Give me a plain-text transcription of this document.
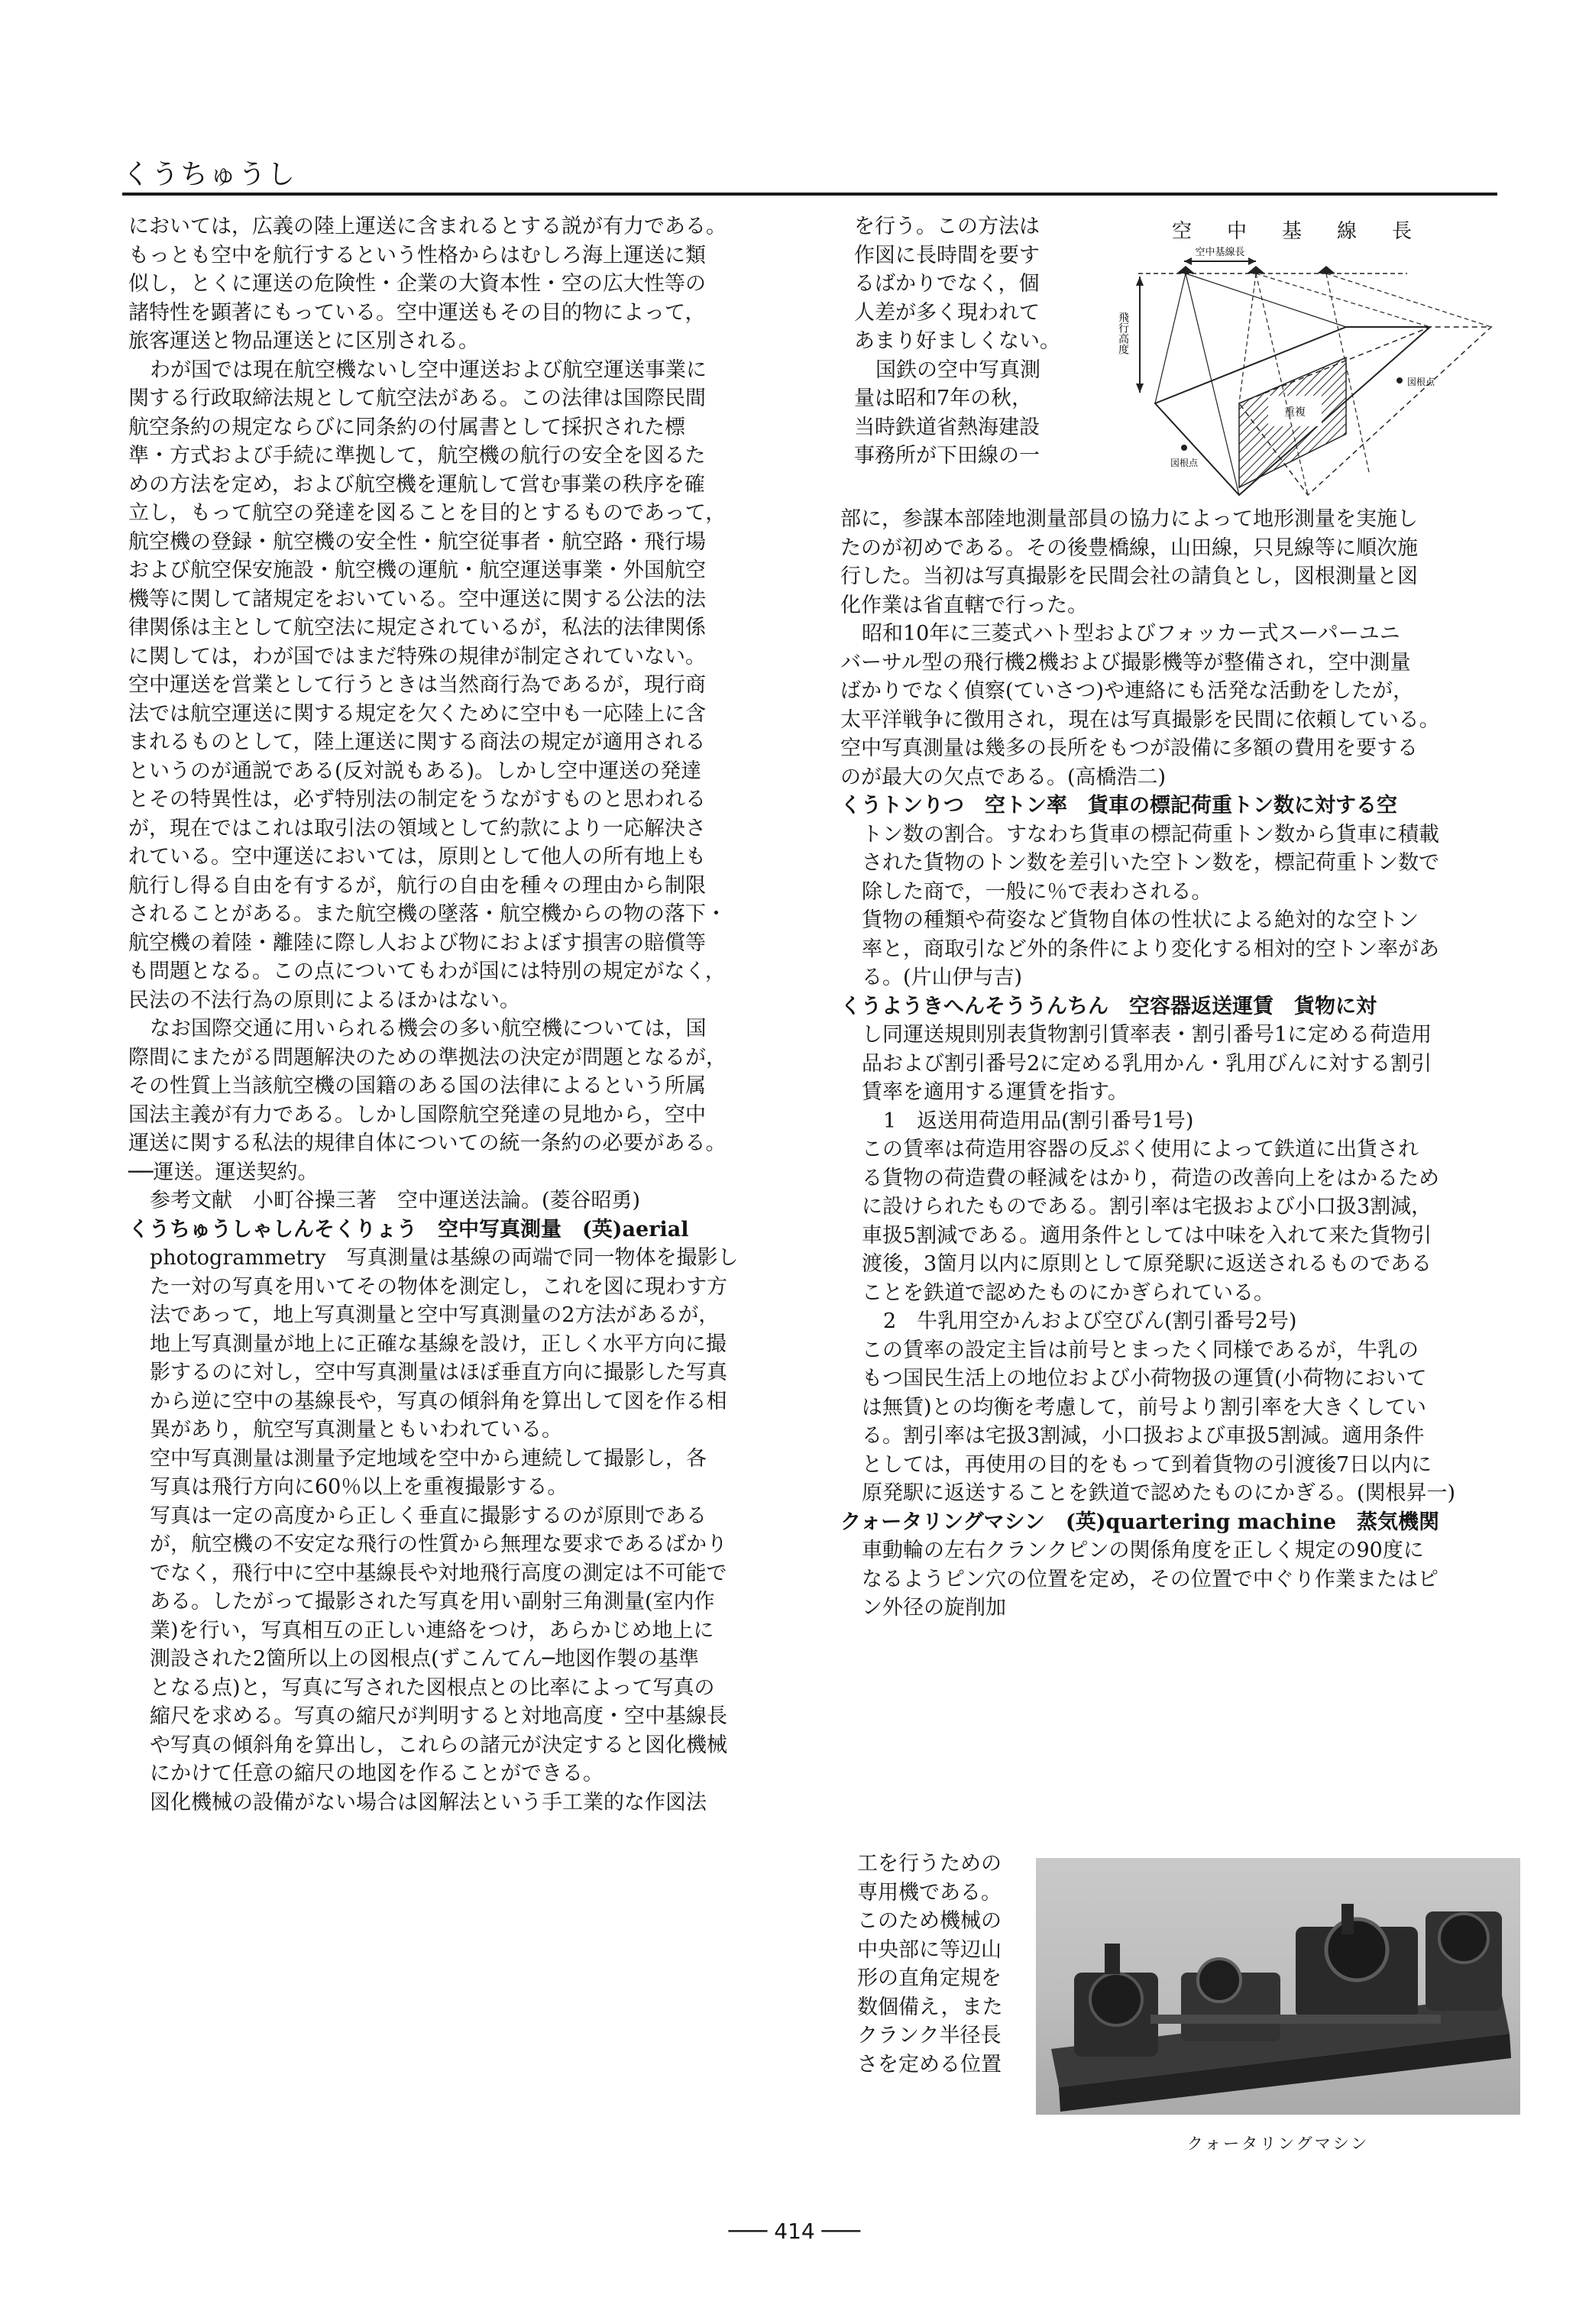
くうちゅうし

においては，広義の陸上運送に含まれるとする説が有力である。

もっとも空中を航行するという性格からはむしろ海上運送に類

似し，とくに運送の危険性・企業の大資本性・空の広大性等の

諸特性を顕著にもっている。空中運送もその目的物によって，

旅客運送と物品運送とに区別される。

わが国では現在航空機ないし空中運送および航空運送事業に

関する行政取締法規として航空法がある。この法律は国際民間

航空条約の規定ならびに同条約の付属書として採択された標

準・方式および手続に準拠して，航空機の航行の安全を図るた

めの方法を定め，および航空機を運航して営む事業の秩序を確

立し，もって航空の発達を図ることを目的とするものであって，

航空機の登録・航空機の安全性・航空従事者・航空路・飛行場

および航空保安施設・航空機の運航・航空運送事業・外国航空

機等に関して諸規定をおいている。空中運送に関する公法的法

律関係は主として航空法に規定されているが，私法的法律関係

に関しては，わが国ではまだ特殊の規律が制定されていない。

空中運送を営業として行うときは当然商行為であるが，現行商

法では航空運送に関する規定を欠くために空中も一応陸上に含

まれるものとして，陸上運送に関する商法の規定が適用される

というのが通説である(反対説もある)。しかし空中運送の発達

とその特異性は，必ず特別法の制定をうながすものと思われる

が，現在ではこれは取引法の領域として約款により一応解決さ

れている。空中運送においては，原則として他人の所有地上も

航行し得る自由を有するが，航行の自由を種々の理由から制限

されることがある。また航空機の墜落・航空機からの物の落下・

航空機の着陸・離陸に際し人および物におよぼす損害の賠償等

も問題となる。この点についてもわが国には特別の規定がなく，

民法の不法行為の原則によるほかはない。

なお国際交通に用いられる機会の多い航空機については，国

際間にまたがる問題解決のための準拠法の決定が問題となるが，

その性質上当該航空機の国籍のある国の法律によるという所属

国法主義が有力である。しかし国際航空発達の見地から，空中

運送に関する私法的規律自体についての統一条約の必要がある。

──運送。運送契約。

参考文献　小町谷操三著　空中運送法論。(菱谷昭勇)

くうちゅうしゃしんそくりょう　空中写真測量　(英)aerial

photogrammetry　写真測量は基線の両端で同一物体を撮影し

た一対の写真を用いてその物体を測定し，これを図に現わす方

法であって，地上写真測量と空中写真測量の2方法があるが，

地上写真測量が地上に正確な基線を設け，正しく水平方向に撮

影するのに対し，空中写真測量はほぼ垂直方向に撮影した写真

から逆に空中の基線長や，写真の傾斜角を算出して図を作る相

異があり，航空写真測量ともいわれている。

空中写真測量は測量予定地域を空中から連続して撮影し，各

写真は飛行方向に60％以上を重複撮影する。

写真は一定の高度から正しく垂直に撮影するのが原則である

が，航空機の不安定な飛行の性質から無理な要求であるばかり

でなく，飛行中に空中基線長や対地飛行高度の測定は不可能で

ある。したがって撮影された写真を用い副射三角測量(室内作

業)を行い，写真相互の正しい連絡をつけ，あらかじめ地上に

測設された2箇所以上の図根点(ずこんてん─地図作製の基準

となる点)と，写真に写された図根点との比率によって写真の

縮尺を求める。写真の縮尺が判明すると対地高度・空中基線長

や写真の傾斜角を算出し，これらの諸元が決定すると図化機械

にかけて任意の縮尺の地図を作ることができる。

図化機械の設備がない場合は図解法という手工業的な作図法

を行う。この方法は

作図に長時間を要す

るばかりでなく，個

人差が多く現われて

あまり好ましくない。

国鉄の空中写真測

量は昭和7年の秋，

当時鉄道省熱海建設

事務所が下田線の一

空　中　基　線　長
空中基線長
飛行高度
重複
図根点
図根点

部に，参謀本部陸地測量部員の協力によって地形測量を実施し

たのが初めである。その後豊橋線，山田線，只見線等に順次施

行した。当初は写真撮影を民間会社の請負とし，図根測量と図

化作業は省直轄で行った。

昭和10年に三菱式ハト型およびフォッカー式スーパーユニ

バーサル型の飛行機2機および撮影機等が整備され，空中測量

ばかりでなく偵察(ていさつ)や連絡にも活発な活動をしたが，

太平洋戦争に徴用され，現在は写真撮影を民間に依頼している。

空中写真測量は幾多の長所をもつが設備に多額の費用を要する

のが最大の欠点である。(高橋浩二)

くうトンりつ　空トン率　貨車の標記荷重トン数に対する空

トン数の割合。すなわち貨車の標記荷重トン数から貨車に積載

された貨物のトン数を差引いた空トン数を，標記荷重トン数で

除した商で，一般に％で表わされる。

貨物の種類や荷姿など貨物自体の性状による絶対的な空トン

率と，商取引など外的条件により変化する相対的空トン率があ

る。(片山伊与吉)

くうようきへんそううんちん　空容器返送運賃　貨物に対

し同運送規則別表貨物割引賃率表・割引番号1に定める荷造用

品および割引番号2に定める乳用かん・乳用びんに対する割引

賃率を適用する運賃を指す。

1　返送用荷造用品(割引番号1号)

この賃率は荷造用容器の反ぷく使用によって鉄道に出貨され

る貨物の荷造費の軽減をはかり，荷造の改善向上をはかるため

に設けられたものである。割引率は宅扱および小口扱3割減，

車扱5割減である。適用条件としては中味を入れて来た貨物引

渡後，3箇月以内に原則として原発駅に返送されるものである

ことを鉄道で認めたものにかぎられている。

2　牛乳用空かんおよび空びん(割引番号2号)

この賃率の設定主旨は前号とまったく同様であるが，牛乳の

もつ国民生活上の地位および小荷物扱の運賃(小荷物において

は無賃)との均衡を考慮して，前号より割引率を大きくしてい

る。割引率は宅扱3割減，小口扱および車扱5割減。適用条件

としては，再使用の目的をもって到着貨物の引渡後7日以内に

原発駅に返送することを鉄道で認めたものにかぎる。(関根昇一)

クォータリングマシン　(英)quartering machine　蒸気機関

車動輪の左右クランクピンの関係角度を正しく規定の90度に

なるようピン穴の位置を定め，その位置で中ぐり作業またはピ

ン外径の旋削加

工を行うための

専用機である。

このため機械の

中央部に等辺山

形の直角定規を

数個備え，また

クランク半径長

さを定める位置

クォータリングマシン
─── 414 ───
